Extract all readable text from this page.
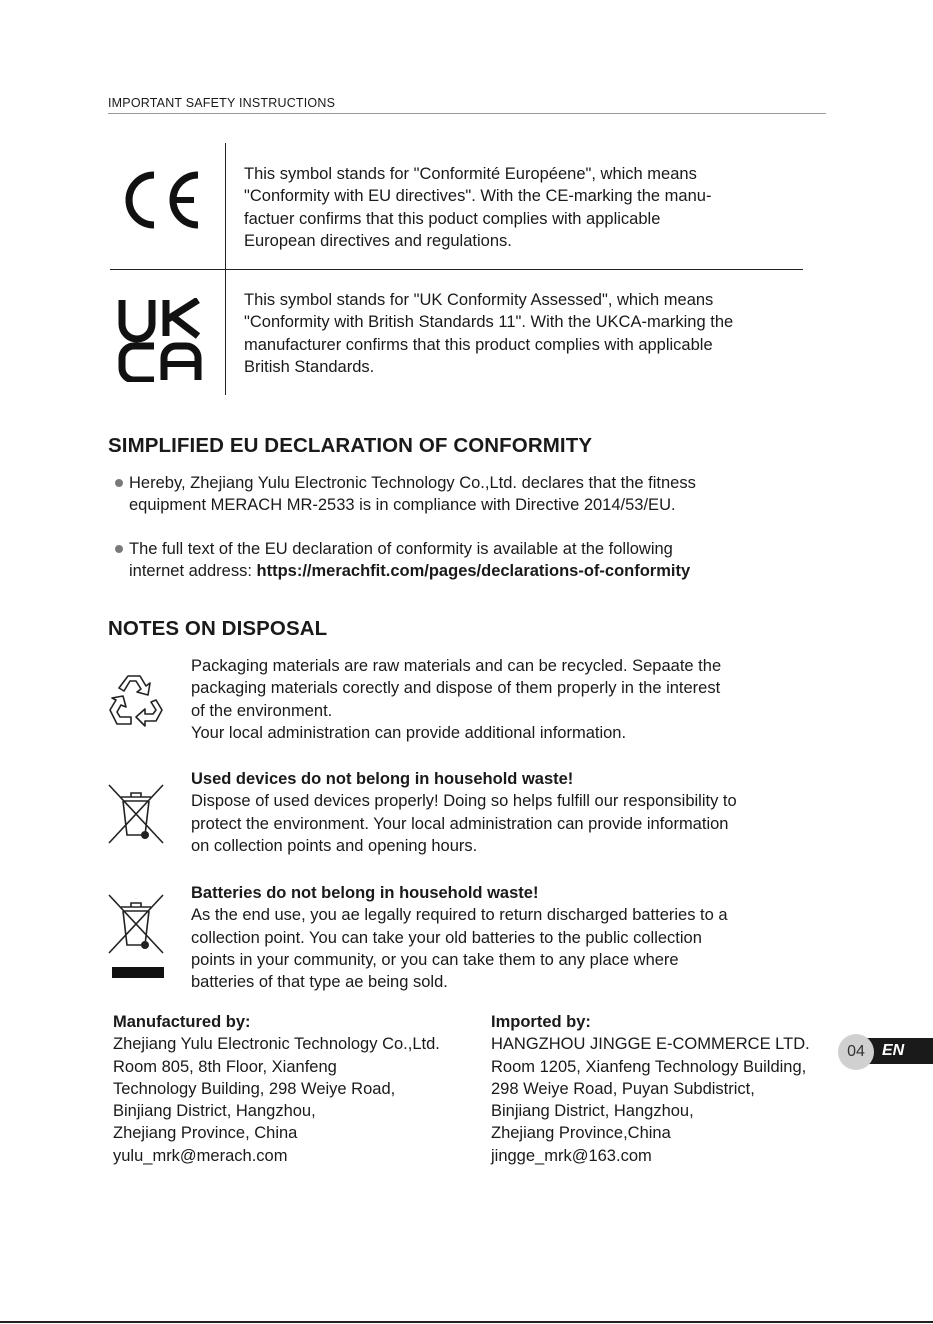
IMPORTANT SAFETY INSTRUCTIONS
This symbol stands for "Conformité Européene", which means
"Conformity with EU directives". With the CE-marking the manu-
factuer confirms that this poduct complies with applicable
European directives and regulations.
This symbol stands for "UK Conformity Assessed", which means
"Conformity with British Standards 11". With the UKCA-marking the
manufacturer confirms that this product complies with applicable
British Standards.
SIMPLIFIED EU DECLARATION OF CONFORMITY
Hereby, Zhejiang Yulu Electronic Technology Co.,Ltd. declares that the fitness
equipment MERACH MR-2533 is in compliance with Directive 2014/53/EU.
The full text of the EU declaration of conformity is available at the following
internet address: https://merachfit.com/pages/declarations-of-conformity
NOTES ON DISPOSAL
Packaging materials are raw materials and can be recycled. Sepaate the
packaging materials corectly and dispose of them properly in the interest
of the environment.
Your local administration can provide additional information.
Used devices do not belong in household waste!
Dispose of used devices properly! Doing so helps fulfill our responsibility to
protect the environment. Your local administration can provide information
on collection points and opening hours.
Batteries do not belong in household waste!
As the end use, you ae legally required to return discharged batteries to a
collection point. You can take your old batteries to the public collection
points in your community, or you can take them to any place where
batteries of that type ae being sold.
Manufactured by:
Zhejiang Yulu Electronic Technology Co.,Ltd.
Room 805, 8th Floor, Xianfeng
Technology Building, 298 Weiye Road,
Binjiang District, Hangzhou,
Zhejiang Province, China
yulu_mrk@merach.com
Imported by:
HANGZHOU JINGGE E-COMMERCE LTD.
Room 1205, Xianfeng Technology Building,
298 Weiye Road, Puyan Subdistrict,
Binjiang District, Hangzhou,
Zhejiang Province,China
jingge_mrk@163.com
EN
04
